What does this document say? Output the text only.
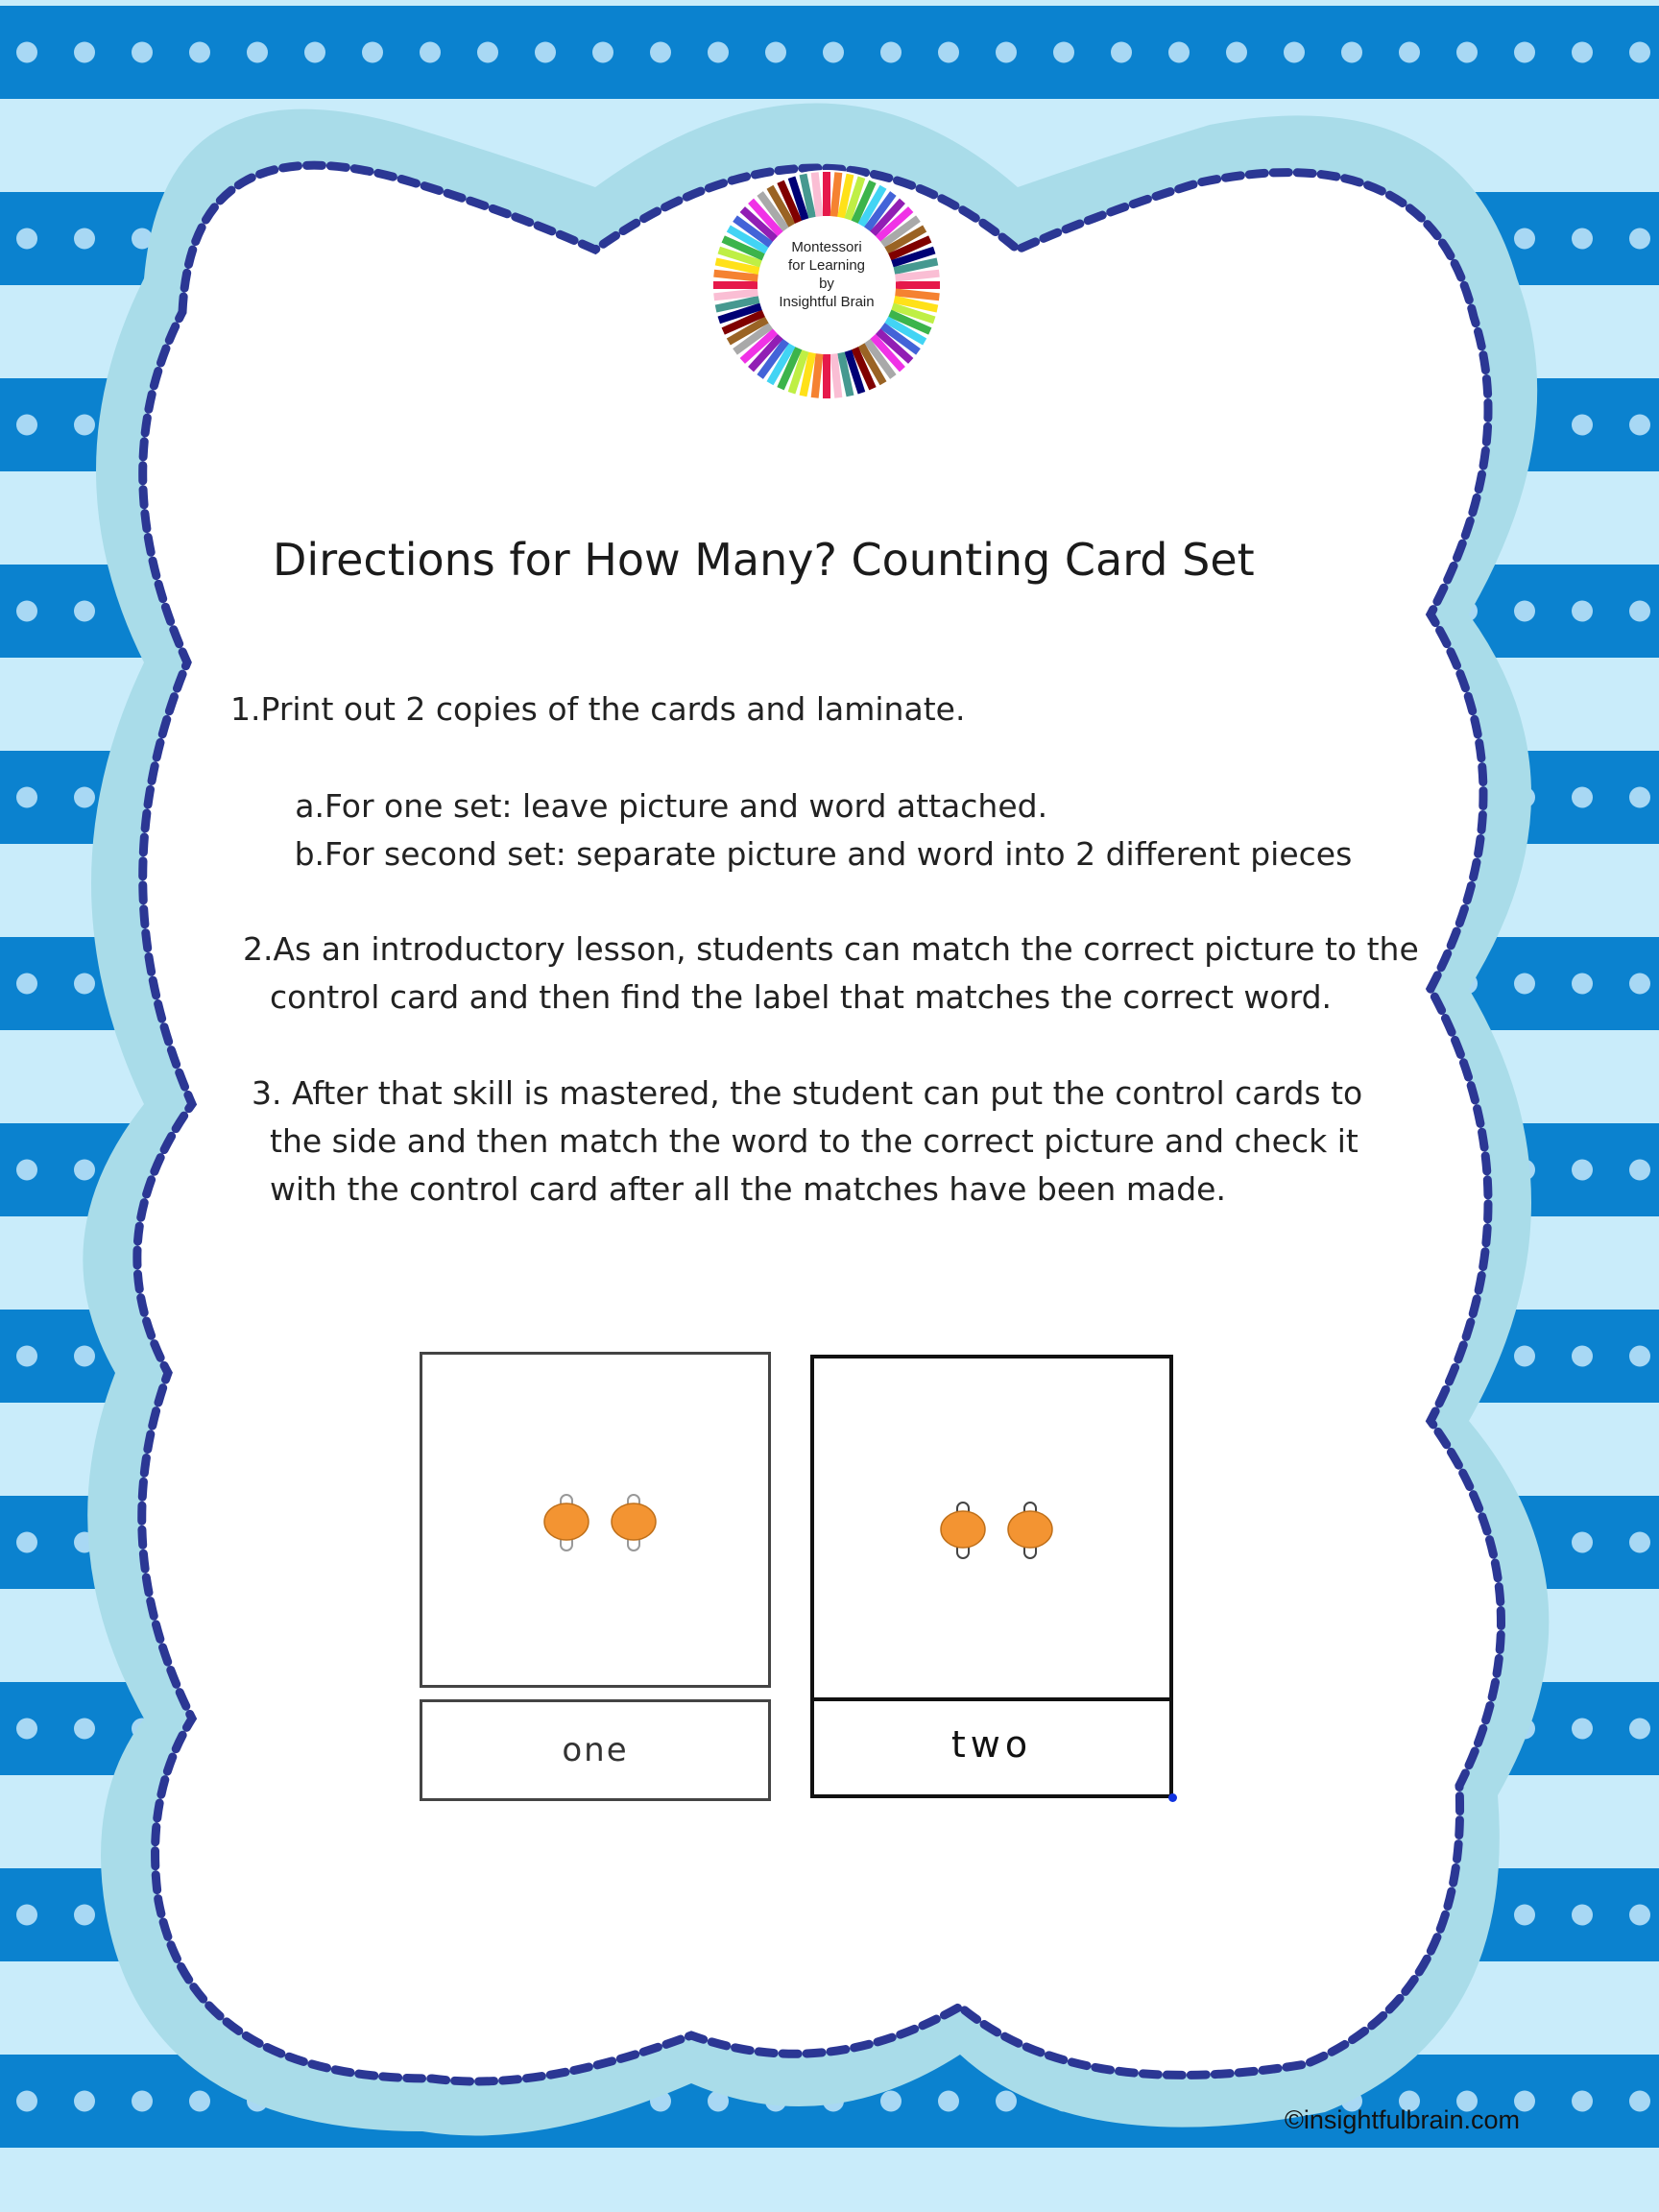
Montessori
for Learning
by
Insightful Brain
Directions for How Many? Counting Card Set
1.Print out 2 copies of the cards and laminate.
a.For one set: leave picture and word attached.
b.For second set: separate picture and word into 2 different pieces
2.As an introductory lesson, students can match the correct picture to the
control card and then find the label that matches the correct word.
3. After that skill is mastered, the student can put the control cards to
the side and then match the word to the correct picture and check it
with the control card after all the matches have been made.
one	two
©insightfulbrain.com
